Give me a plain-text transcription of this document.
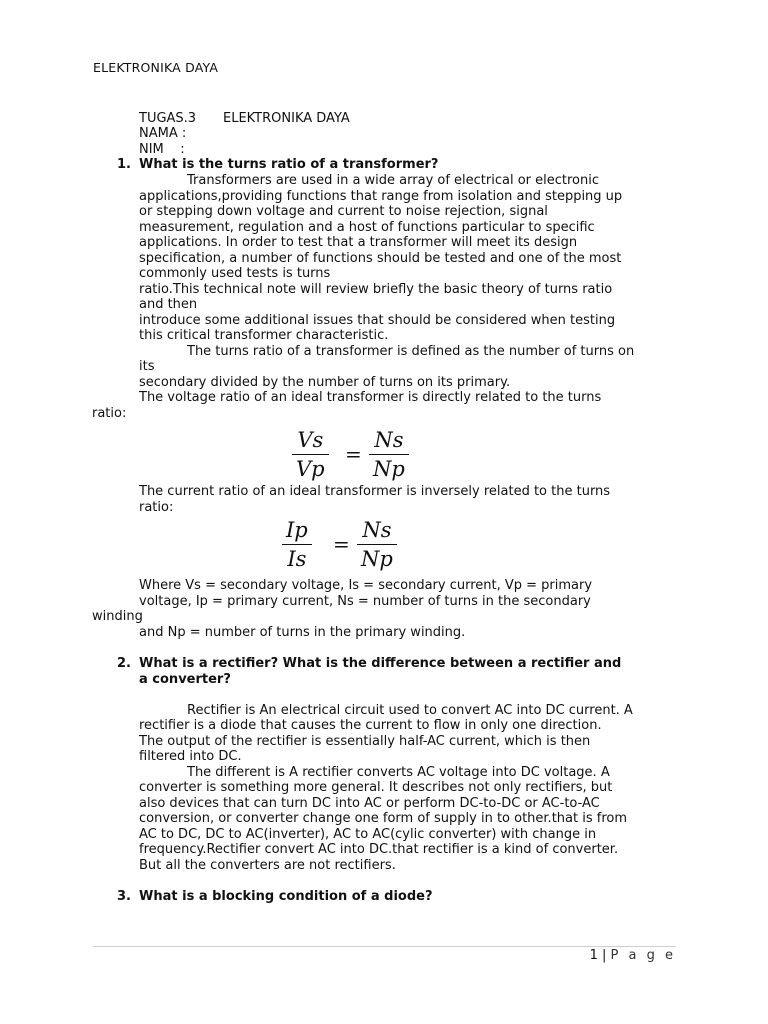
ELEKTRONIKA DAYA
TUGAS.3 ELEKTRONIKA DAYA
NAMA :
NIM    :
1. What is the turns ratio of a transformer?
Transformers are used in a wide array of electrical or electronic
applications,providing functions that range from isolation and stepping up
or stepping down voltage and current to noise rejection, signal
measurement, regulation and a host of functions particular to specific
applications. In order to test that a transformer will meet its design
specification, a number of functions should be tested and one of the most
commonly used tests is turns
ratio.This technical note will review briefly the basic theory of turns ratio
and then
introduce some additional issues that should be considered when testing
this critical transformer characteristic.
The turns ratio of a transformer is defined as the number of turns on
its
secondary divided by the number of turns on its primary.
The voltage ratio of an ideal transformer is directly related to the turns
ratio:
$\frac{Vs}{Vp} = \frac{Ns}{Np}$
The current ratio of an ideal transformer is inversely related to the turns
ratio:
$\frac{Ip}{Is} = \frac{Ns}{Np}$
Where Vs = secondary voltage, Is = secondary current, Vp = primary
voltage, Ip = primary current, Ns = number of turns in the secondary
winding
and Np = number of turns in the primary winding.
2. What is a rectifier? What is the difference between a rectifier and
a converter?
Rectifier is An electrical circuit used to convert AC into DC current. A
rectifier is a diode that causes the current to flow in only one direction.
The output of the rectifier is essentially half-AC current, which is then
filtered into DC.
The different is A rectifier converts AC voltage into DC voltage. A
converter is something more general. It describes not only rectifiers, but
also devices that can turn DC into AC or perform DC-to-DC or AC-to-AC
conversion, or converter change one form of supply in to other.that is from
AC to DC, DC to AC(inverter), AC to AC(cylic converter) with change in
frequency.Rectifier convert AC into DC.that rectifier is a kind of converter.
But all the converters are not rectifiers.
3. What is a blocking condition of a diode?
1 | P a g e
